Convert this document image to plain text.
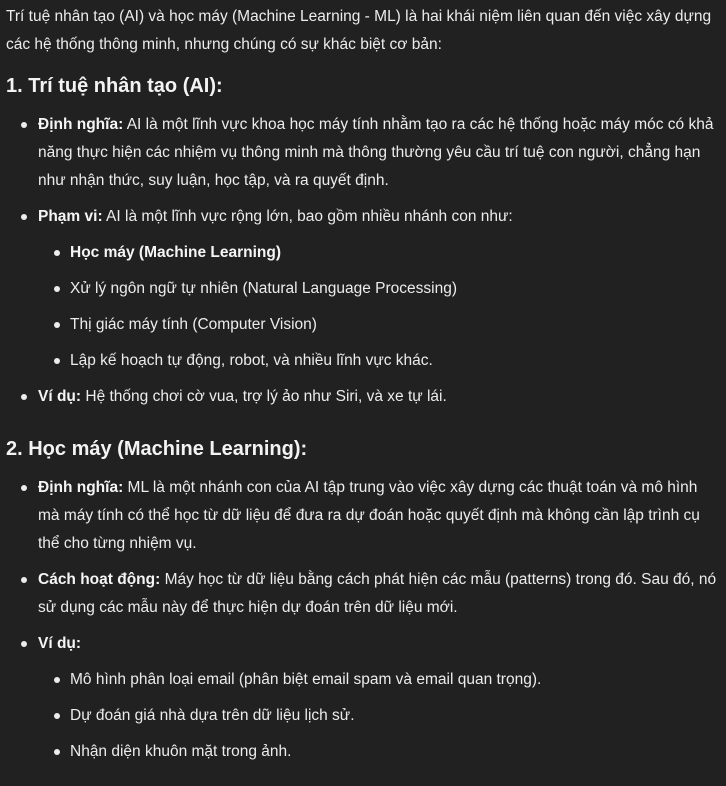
Trí tuệ nhân tạo (AI) và học máy (Machine Learning - ML) là hai khái niệm liên quan đến việc xây dựng các hệ thống thông minh, nhưng chúng có sự khác biệt cơ bản:

1. Trí tuệ nhân tạo (AI):
Định nghĩa: AI là một lĩnh vực khoa học máy tính nhằm tạo ra các hệ thống hoặc máy móc có khả năng thực hiện các nhiệm vụ thông minh mà thông thường yêu cầu trí tuệ con người, chẳng hạn như nhận thức, suy luận, học tập, và ra quyết định.
Phạm vi: AI là một lĩnh vực rộng lớn, bao gồm nhiều nhánh con như:
Học máy (Machine Learning)
Xử lý ngôn ngữ tự nhiên (Natural Language Processing)
Thị giác máy tính (Computer Vision)
Lập kế hoạch tự động, robot, và nhiều lĩnh vực khác.
Ví dụ: Hệ thống chơi cờ vua, trợ lý ảo như Siri, và xe tự lái.
2. Học máy (Machine Learning):
Định nghĩa: ML là một nhánh con của AI tập trung vào việc xây dựng các thuật toán và mô hình mà máy tính có thể học từ dữ liệu để đưa ra dự đoán hoặc quyết định mà không cần lập trình cụ thể cho từng nhiệm vụ.
Cách hoạt động: Máy học từ dữ liệu bằng cách phát hiện các mẫu (patterns) trong đó. Sau đó, nó sử dụng các mẫu này để thực hiện dự đoán trên dữ liệu mới.
Ví dụ:
Mô hình phân loại email (phân biệt email spam và email quan trọng).
Dự đoán giá nhà dựa trên dữ liệu lịch sử.
Nhận diện khuôn mặt trong ảnh.
